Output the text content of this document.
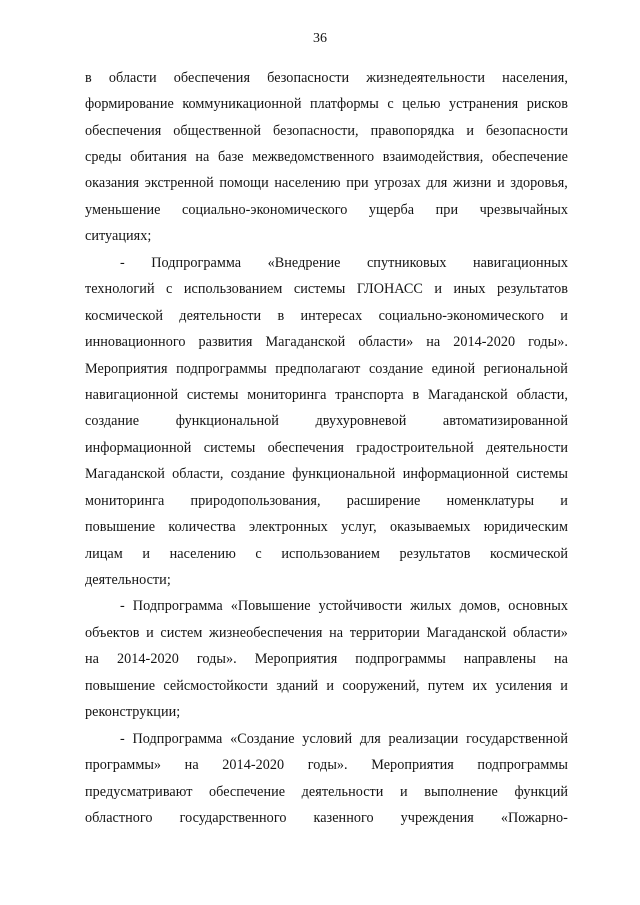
36
в области обеспечения безопасности жизнедеятельности населения,
формирование коммуникационной платформы с целью устранения рисков
обеспечения общественной безопасности, правопорядка и безопасности
среды обитания на базе межведомственного взаимодействия, обеспечение
оказания экстренной помощи населению при угрозах для жизни и здоровья,
уменьшение социально-экономического ущерба при чрезвычайных
ситуациях;
- Подпрограмма «Внедрение спутниковых навигационных
технологий с использованием системы ГЛОНАСС и иных результатов
космической деятельности в интересах социально-экономического и
инновационного развития Магаданской области» на 2014-2020 годы».
Мероприятия подпрограммы предполагают создание единой региональной
навигационной системы мониторинга транспорта в Магаданской области,
создание	функциональной	двухуровневой	автоматизированной
информационной системы обеспечения градостроительной деятельности
Магаданской области, создание функциональной информационной системы
мониторинга природопользования, расширение номенклатуры и
повышение количества электронных услуг, оказываемых юридическим
лицам и населению с использованием результатов космической
деятельности;
- Подпрограмма «Повышение устойчивости жилых домов, основных
объектов и систем жизнеобеспечения на территории Магаданской области»
на 2014-2020 годы». Мероприятия подпрограммы направлены на
повышение сейсмостойкости зданий и сооружений, путем их усиления и
реконструкции;
- Подпрограмма «Создание условий для реализации государственной
программы» на 2014-2020 годы». Мероприятия подпрограммы
предусматривают обеспечение деятельности и выполнение функций
областного государственного казенного учреждения «Пожарно-
